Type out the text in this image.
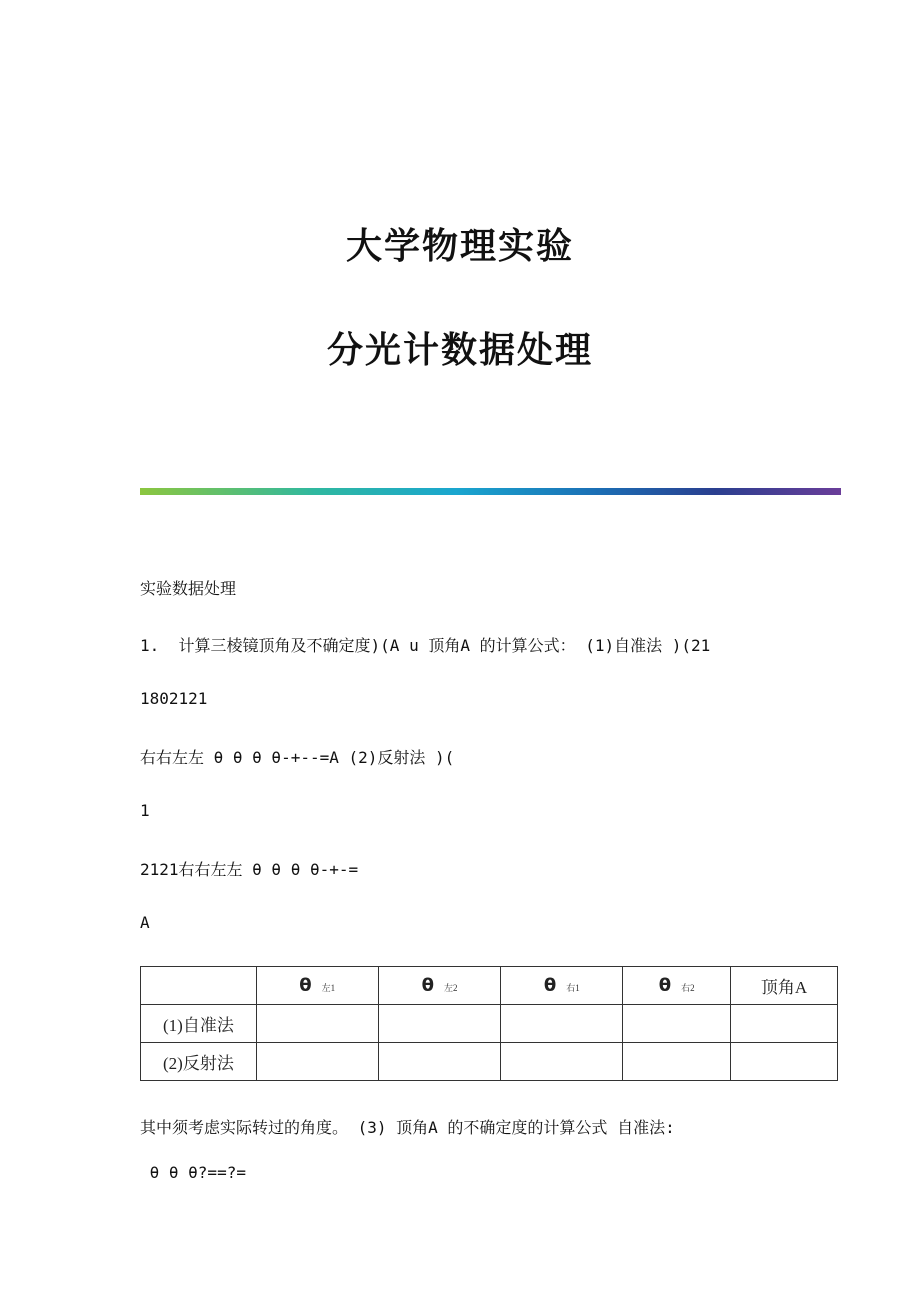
大学物理实验
分光计数据处理
实验数据处理
1.  计算三棱镜顶角及不确定度)(A u 顶角A 的计算公式： (1)自准法 )(21
1802121
右右左左 θ θ θ θ-+--=A (2)反射法 )(
1
2121右右左左 θ θ θ θ-+-=
A
	θ 左1	θ 左2	θ 右1	θ 右2	顶角A
(1)自准法					
(2)反射法					
其中须考虑实际转过的角度。 (3) 顶角A 的不确定度的计算公式 自准法:
θ θ θ?==?=
